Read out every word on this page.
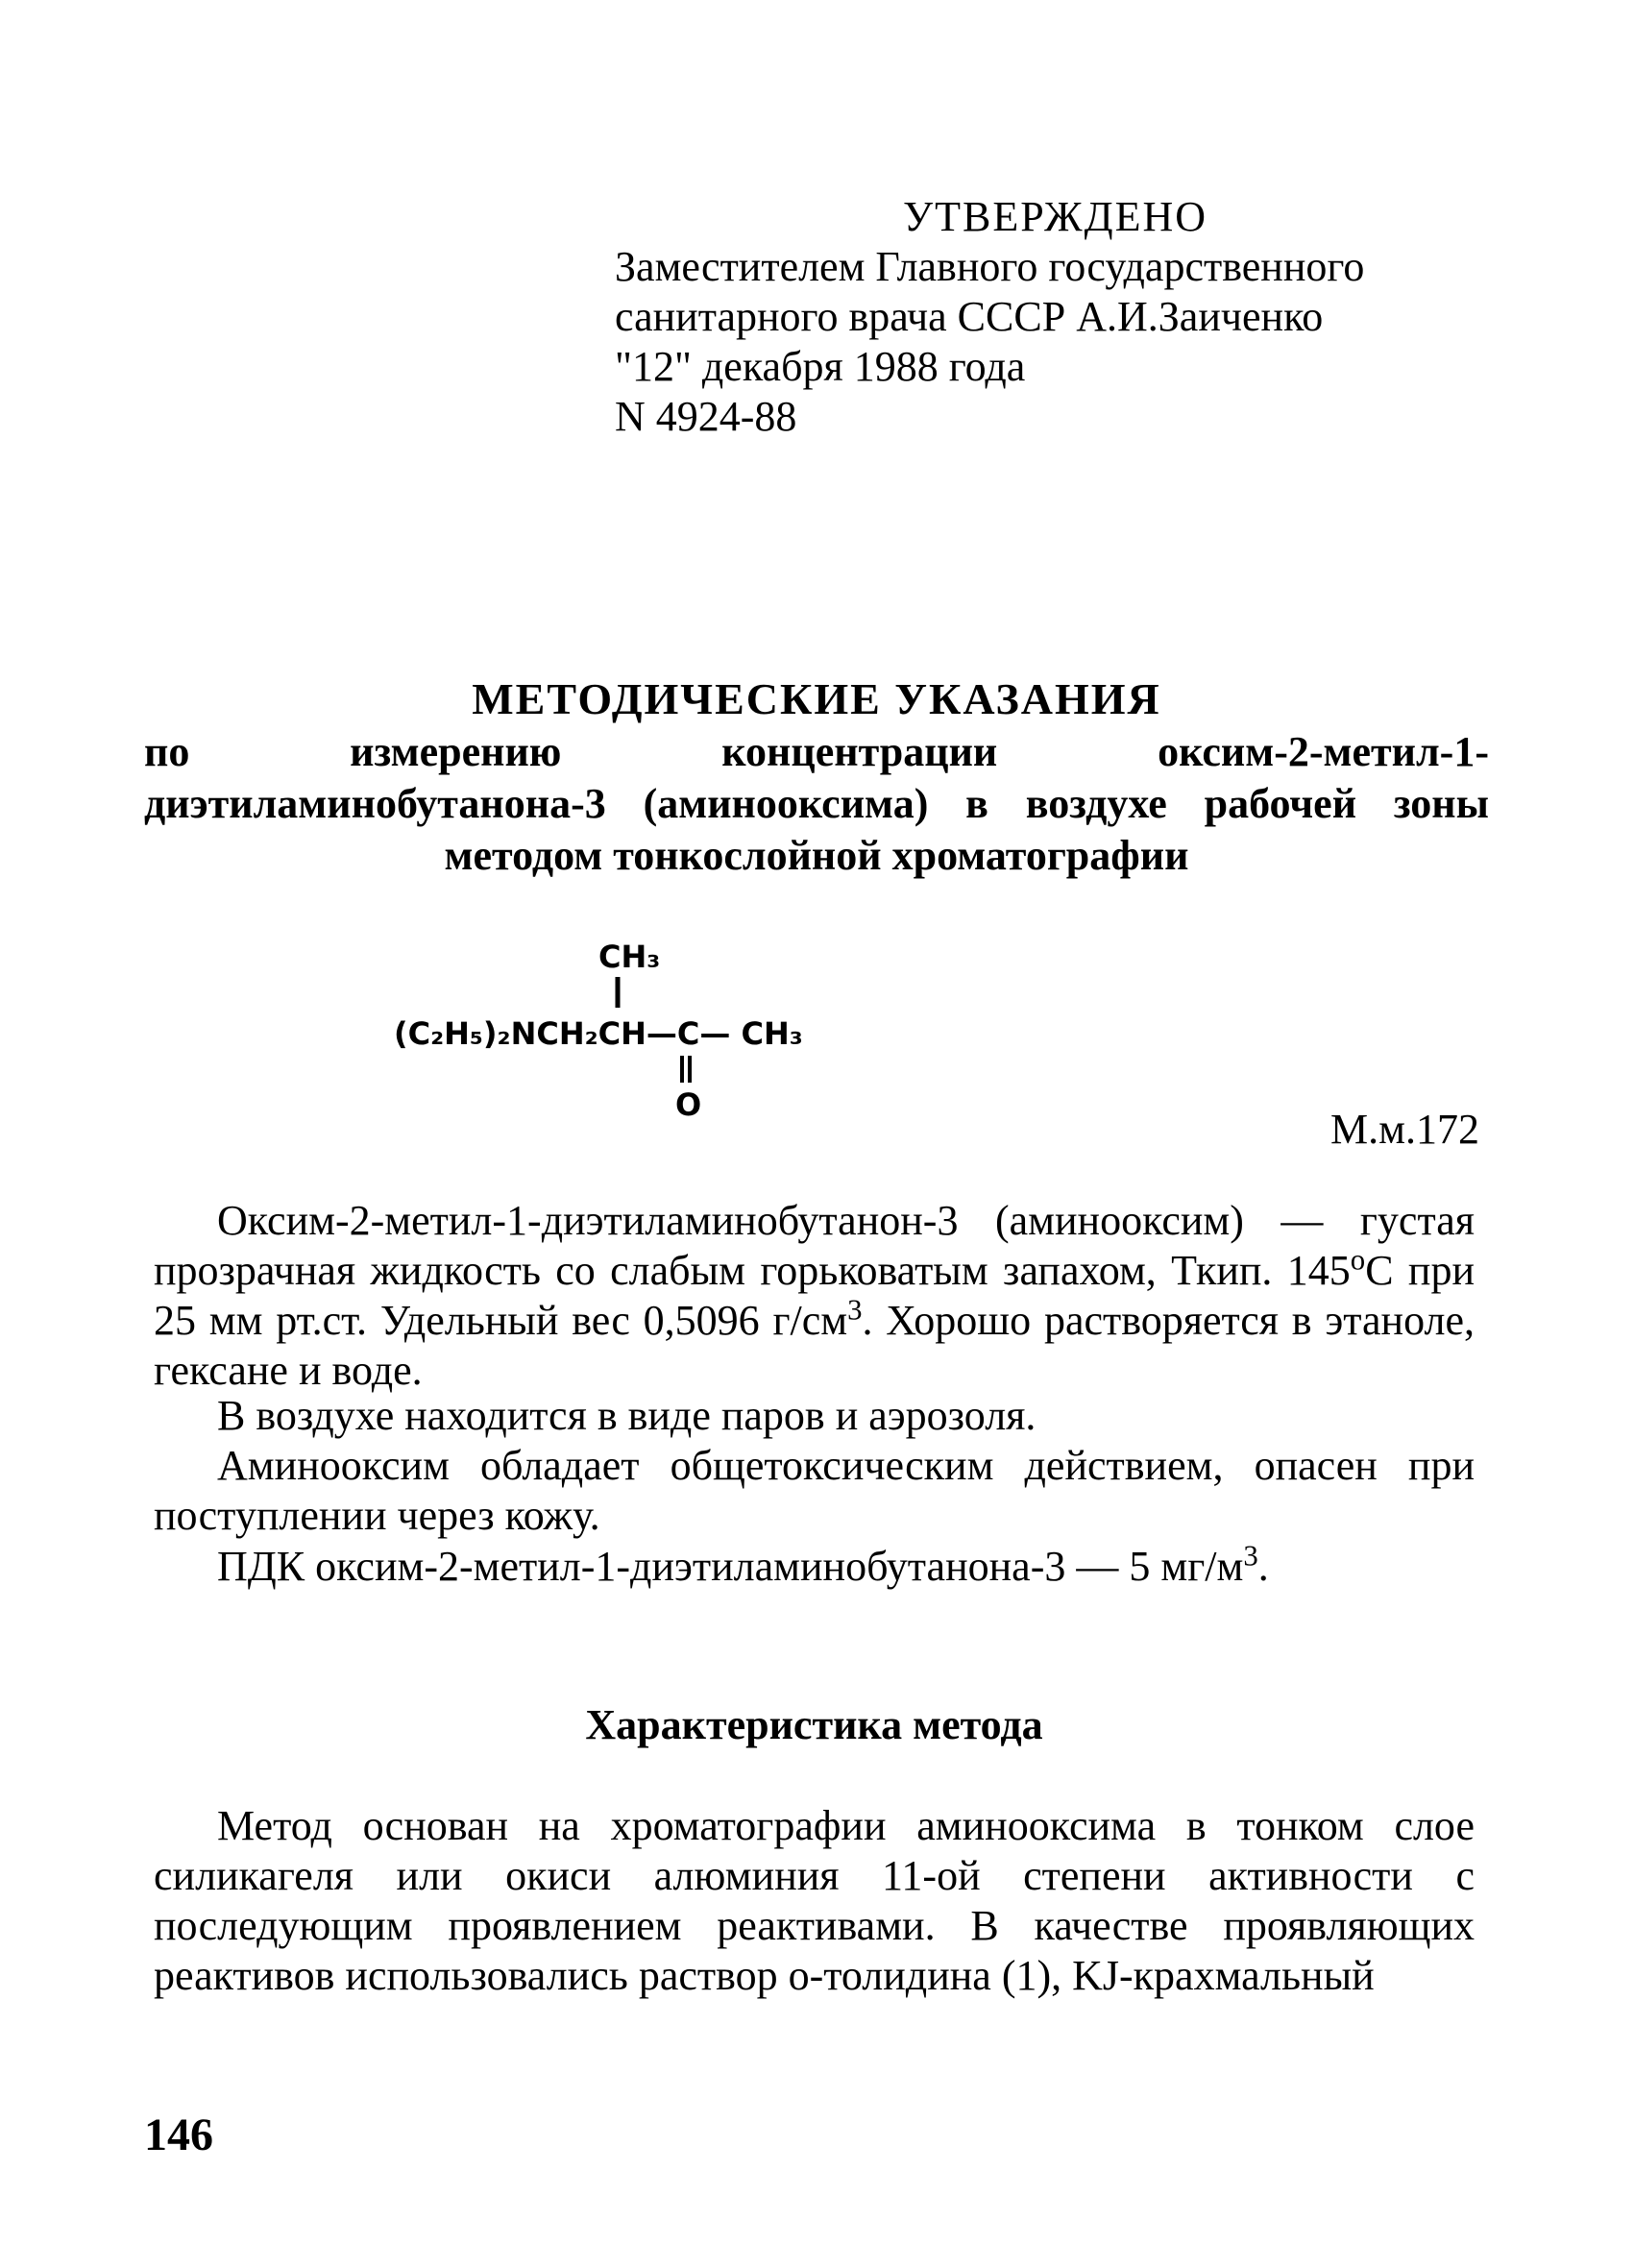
УТВЕРЖДЕНО
Заместителем Главного государственного
санитарного врача СССР А.И.Заиченко
"12" декабря 1988 года
N 4924-88
МЕТОДИЧЕСКИЕ УКАЗАНИЯ
по измерению концентрации оксим-2-метил-1-диэтиламинобутанона-3 (аминооксима) в воздухе рабочей зоны методом тонкослойной хроматографии
CH₃
(C₂H₅)₂NCH₂CH—C— CH₃
O
М.м.172
Оксим-2-метил-1-диэтиламинобутанон-3 (аминооксим) — густая прозрачная жидкость со слабым горьковатым запахом, Ткип. $145^оС$ при 25 мм рт.ст. Удельный вес 0,5096 $г/см^3$. Хорошо растворяется в этаноле, гексане и воде.
В воздухе находится в виде паров и аэрозоля.
Аминооксим обладает общетоксическим действием, опасен при поступлении через кожу.
ПДК оксим-2-метил-1-диэтиламинобутанона-3 — 5 $мг/м^3$.
Характеристика метода
Метод основан на хроматографии аминооксима в тонком слое силикагеля или окиси алюминия 11-ой степени активности с последующим проявлением реактивами. В качестве проявляющих реактивов использовались раствор о-толидина (1), KJ-крахмальный
146
